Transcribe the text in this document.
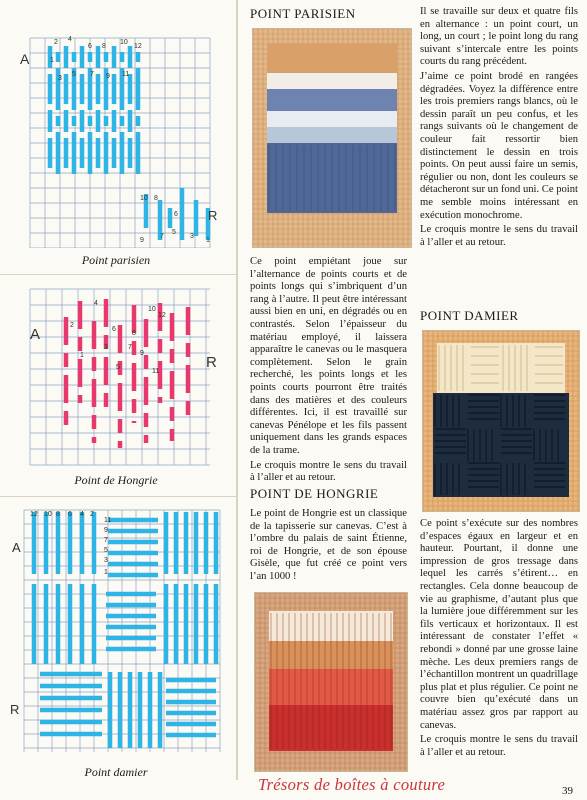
A
R
2 4
6 8
10
12
1
3
5 7 9 11
10 8
6
9
7
5
3
1
Point parisien
A
R
2
4
6
8
10
12
1
3
5
7
9
11
Point de Hongrie
A
R
12 10 8 6 4 2
1
3
5
7
9
11
Point damier
POINT PARISIEN

Ce point empiétant joue sur l’alternance de points courts et de points longs qui s’imbriquent d’un rang à l’autre. Il peut être intéressant aussi bien en uni, en dégradés ou en contrastés. Selon l’épaisseur du matériau employé, il laissera apparaître le canevas ou le masquera complètement. Selon le grain recherché, les points longs et les points courts pourront être traités dans des matières et des couleurs différentes. Ici, il est travaillé sur canevas Pénélope et les fils passent uniquement dans les grands espaces de la trame.

Le croquis montre le sens du travail à l’aller et au retour.

POINT DE HONGRIE

Le point de Hongrie est un classique de la tapisserie sur canevas. C’est à l’ombre du palais de saint Étienne, roi de Hongrie, et de son épouse Gisèle, que fut créé ce point vers l’an 1000 !

Il se travaille sur deux et quatre fils en alternance : un point court, un long, un court ; le point long du rang suivant s’intercale entre les points courts du rang précédent.

J’aime ce point brodé en rangées dégradées. Voyez la différence entre les trois premiers rangs blancs, où le dessin paraît un peu confus, et les rangs suivants où le changement de couleur fait ressortir bien distinctement le dessin en trois points. On peut aussi faire un semis, régulier ou non, dont les couleurs se détacheront sur un fond uni. Ce point me semble moins intéressant en exécution monochrome.

Le croquis montre le sens du travail à l’aller et au retour.

POINT DAMIER

Ce point s’exécute sur des nombres d’espaces égaux en largeur et en hauteur. Pourtant, il donne une impression de gros tressage dans lequel les carrés s’étirent… en rectangles. Cela donne beaucoup de vie au graphisme, d’autant plus que la lumière joue différemment sur les fils verticaux et horizontaux. Il est intéressant de constater l’effet « rebondi » donné par une grosse laine mèche. Les deux premiers rangs de l’échantillon montrent un quadrillage plus plat et plus régulier. Ce point ne couvre bien qu’exécuté dans un matériau assez gros par rapport au canevas.

Le croquis montre le sens du travail à l’aller et au retour.

Trésors de boîtes à couture	39
